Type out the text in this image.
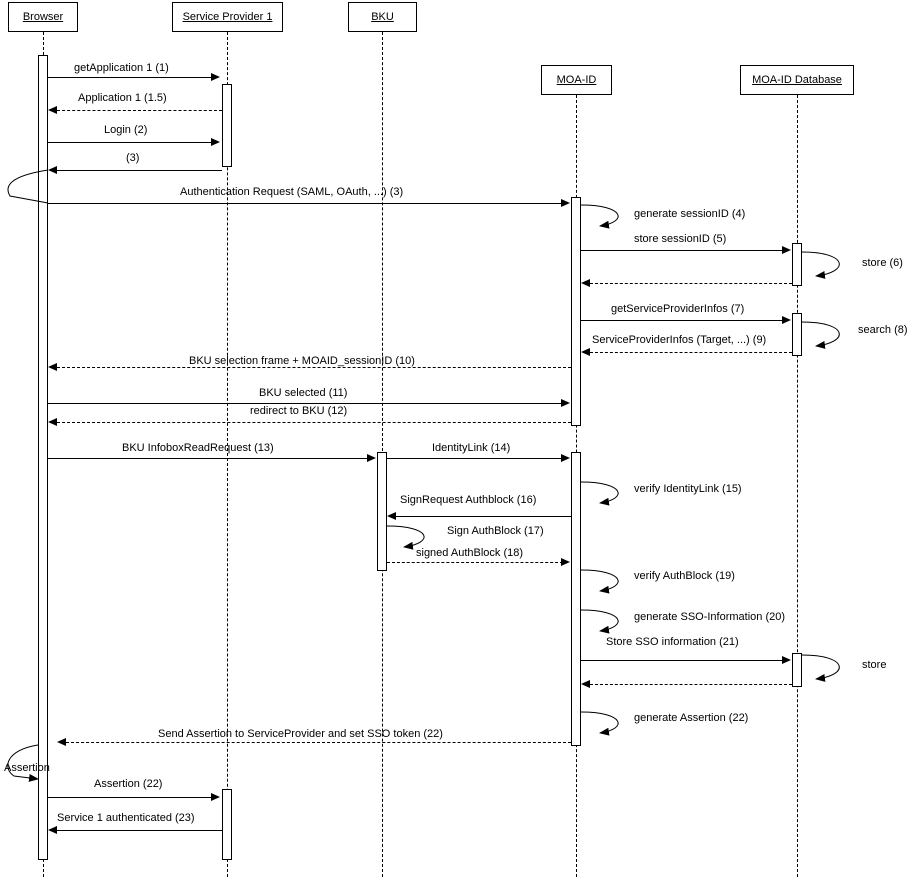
Browser	Service Provider 1	BKU
MOA-ID	MOA-ID Database
getApplication 1 (1)
Application 1 (1.5)
Login (2)
(3)
Authentication Request (SAML, OAuth, ...) (3)
generate sessionID (4)
store sessionID (5)
store (6)
getServiceProviderInfos (7)
search (8)
ServiceProviderInfos (Target, ...) (9)
BKU selection frame + MOAID_sessionID (10)
BKU selected (11)
redirect to BKU (12)
BKU InfoboxReadRequest (13)	IdentityLink (14)
verify IdentityLink (15)
SignRequest Authblock (16)
Sign AuthBlock (17)
signed AuthBlock (18)
verify AuthBlock (19)
generate SSO-Information (20)
Store SSO information (21)
store
generate Assertion (22)
Send Assertion to ServiceProvider and set SSO token (22)
Assertion
Assertion (22)
Service 1 authenticated (23)
